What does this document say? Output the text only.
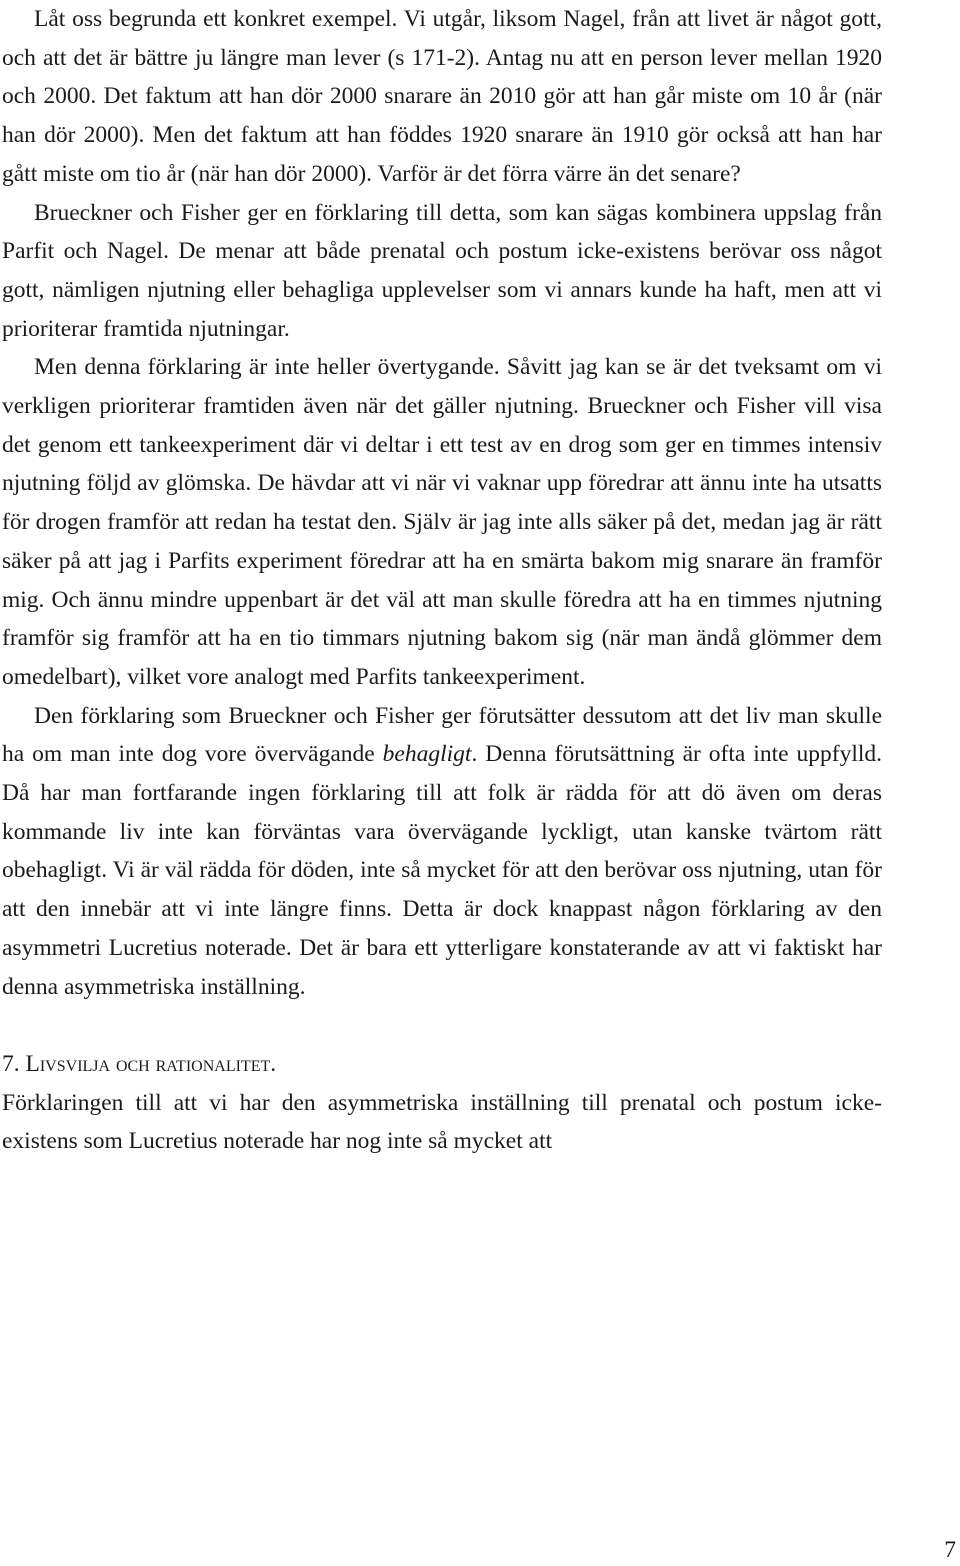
Låt oss begrunda ett konkret exempel. Vi utgår, liksom Nagel, från att livet är något gott, och att det är bättre ju längre man lever (s 171-2). Antag nu att en person lever mellan 1920 och 2000. Det faktum att han dör 2000 snarare än 2010 gör att han går miste om 10 år (när han dör 2000). Men det faktum att han föddes 1920 snarare än 1910 gör också att han har gått miste om tio år (när han dör 2000). Varför är det förra värre än det senare?

Brueckner och Fisher ger en förklaring till detta, som kan sägas kombinera uppslag från Parfit och Nagel. De menar att både prenatal och postum icke-existens berövar oss något gott, nämligen njutning eller behagliga upplevelser som vi annars kunde ha haft, men att vi prioriterar framtida njutningar.

Men denna förklaring är inte heller övertygande. Såvitt jag kan se är det tveksamt om vi verkligen prioriterar framtiden även när det gäller njutning. Brueckner och Fisher vill visa det genom ett tankeexperiment där vi deltar i ett test av en drog som ger en timmes intensiv njutning följd av glömska. De hävdar att vi när vi vaknar upp föredrar att ännu inte ha utsatts för drogen framför att redan ha testat den. Själv är jag inte alls säker på det, medan jag är rätt säker på att jag i Parfits experiment föredrar att ha en smärta bakom mig snarare än framför mig. Och ännu mindre uppenbart är det väl att man skulle föredra att ha en timmes njutning framför sig framför att ha en tio timmars njutning bakom sig (när man ändå glömmer dem omedelbart), vilket vore analogt med Parfits tankeexperiment.

Den förklaring som Brueckner och Fisher ger förutsätter dessutom att det liv man skulle ha om man inte dog vore övervägande behagligt. Denna förutsättning är ofta inte uppfylld. Då har man fortfarande ingen förklaring till att folk är rädda för att dö även om deras kommande liv inte kan förväntas vara övervägande lyckligt, utan kanske tvärtom rätt obehagligt. Vi är väl rädda för döden, inte så mycket för att den berövar oss njutning, utan för att den innebär att vi inte längre finns. Detta är dock knappast någon förklaring av den asymmetri Lucretius noterade. Det är bara ett ytterligare konstaterande av att vi faktiskt har denna asymmetriska inställning.

7. Livsvilja och rationalitet.

Förklaringen till att vi har den asymmetriska inställning till prenatal och postum icke-existens som Lucretius noterade har nog inte så mycket att

7
